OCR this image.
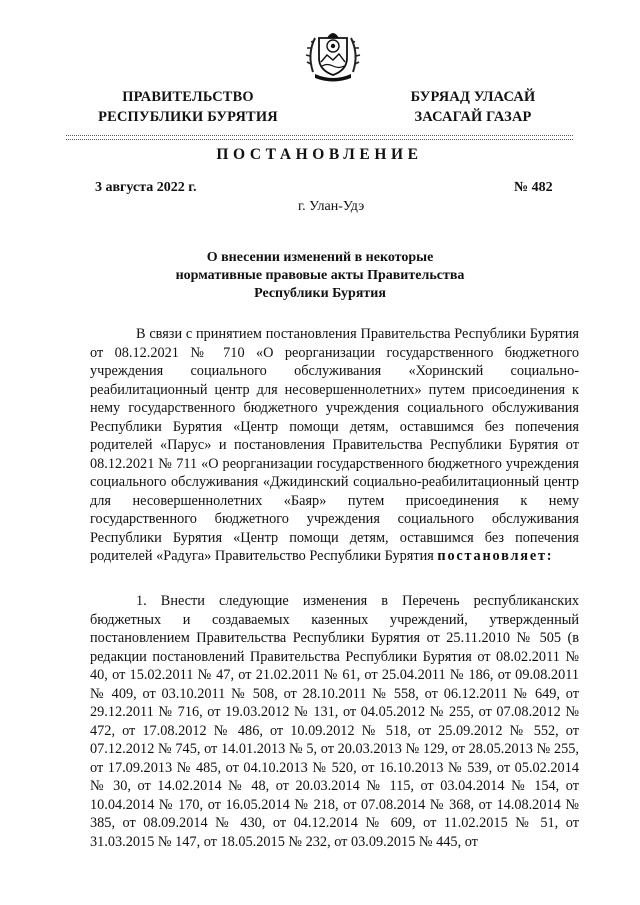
ПРАВИТЕЛЬСТВО
РЕСПУБЛИКИ БУРЯТИЯ
БУРЯАД УЛАСАЙ
ЗАСАГАЙ ГАЗАР
ПОСТАНОВЛЕНИЕ
3 августа 2022 г.	№ 482
г. Улан-Удэ
О внесении изменений в некоторые
нормативные правовые акты Правительства
Республики Бурятия

В связи с принятием постановления Правительства Республики Бурятия от 08.12.2021 № 710 «О реорганизации государственного бюджетного учреждения социального обслуживания «Хоринский социально-реабилитационный центр для несовершеннолетних» путем присоединения к нему государственного бюджетного учреждения социального обслуживания Республики Бурятия «Центр помощи детям, оставшимся без попечения родителей «Парус» и постановления Правительства Республики Бурятия от 08.12.2021 № 711 «О реорганизации государственного бюджетного учреждения социального обслуживания «Джидинский социально-реабилитационный центр для несовершеннолетних «Баяр» путем присоединения к нему государственного бюджетного учреждения социального обслуживания Республики Бурятия «Центр помощи детям, оставшимся без попечения родителей «Радуга» Правительство Республики Бурятия постановляет:

1. Внести следующие изменения в Перечень республиканских бюджетных и создаваемых казенных учреждений, утвержденный постановлением Правительства Республики Бурятия от 25.11.2010 № 505 (в редакции постановлений Правительства Республики Бурятия от 08.02.2011 № 40, от 15.02.2011 № 47, от 21.02.2011 № 61, от 25.04.2011 № 186, от 09.08.2011 № 409, от 03.10.2011 № 508, от 28.10.2011 № 558, от 06.12.2011 № 649, от 29.12.2011 № 716, от 19.03.2012 № 131, от 04.05.2012 № 255, от 07.08.2012 № 472, от 17.08.2012 № 486, от 10.09.2012 № 518, от 25.09.2012 № 552, от 07.12.2012 № 745, от 14.01.2013 № 5, от 20.03.2013 № 129, от 28.05.2013 № 255, от 17.09.2013 № 485, от 04.10.2013 № 520, от 16.10.2013 № 539, от 05.02.2014 № 30, от 14.02.2014 № 48, от 20.03.2014 № 115, от 03.04.2014 № 154, от 10.04.2014 № 170, от 16.05.2014 № 218, от 07.08.2014 № 368, от 14.08.2014 № 385, от 08.09.2014 № 430, от 04.12.2014 № 609, от 11.02.2015 № 51, от 31.03.2015 № 147, от 18.05.2015 № 232, от 03.09.2015 № 445, от
